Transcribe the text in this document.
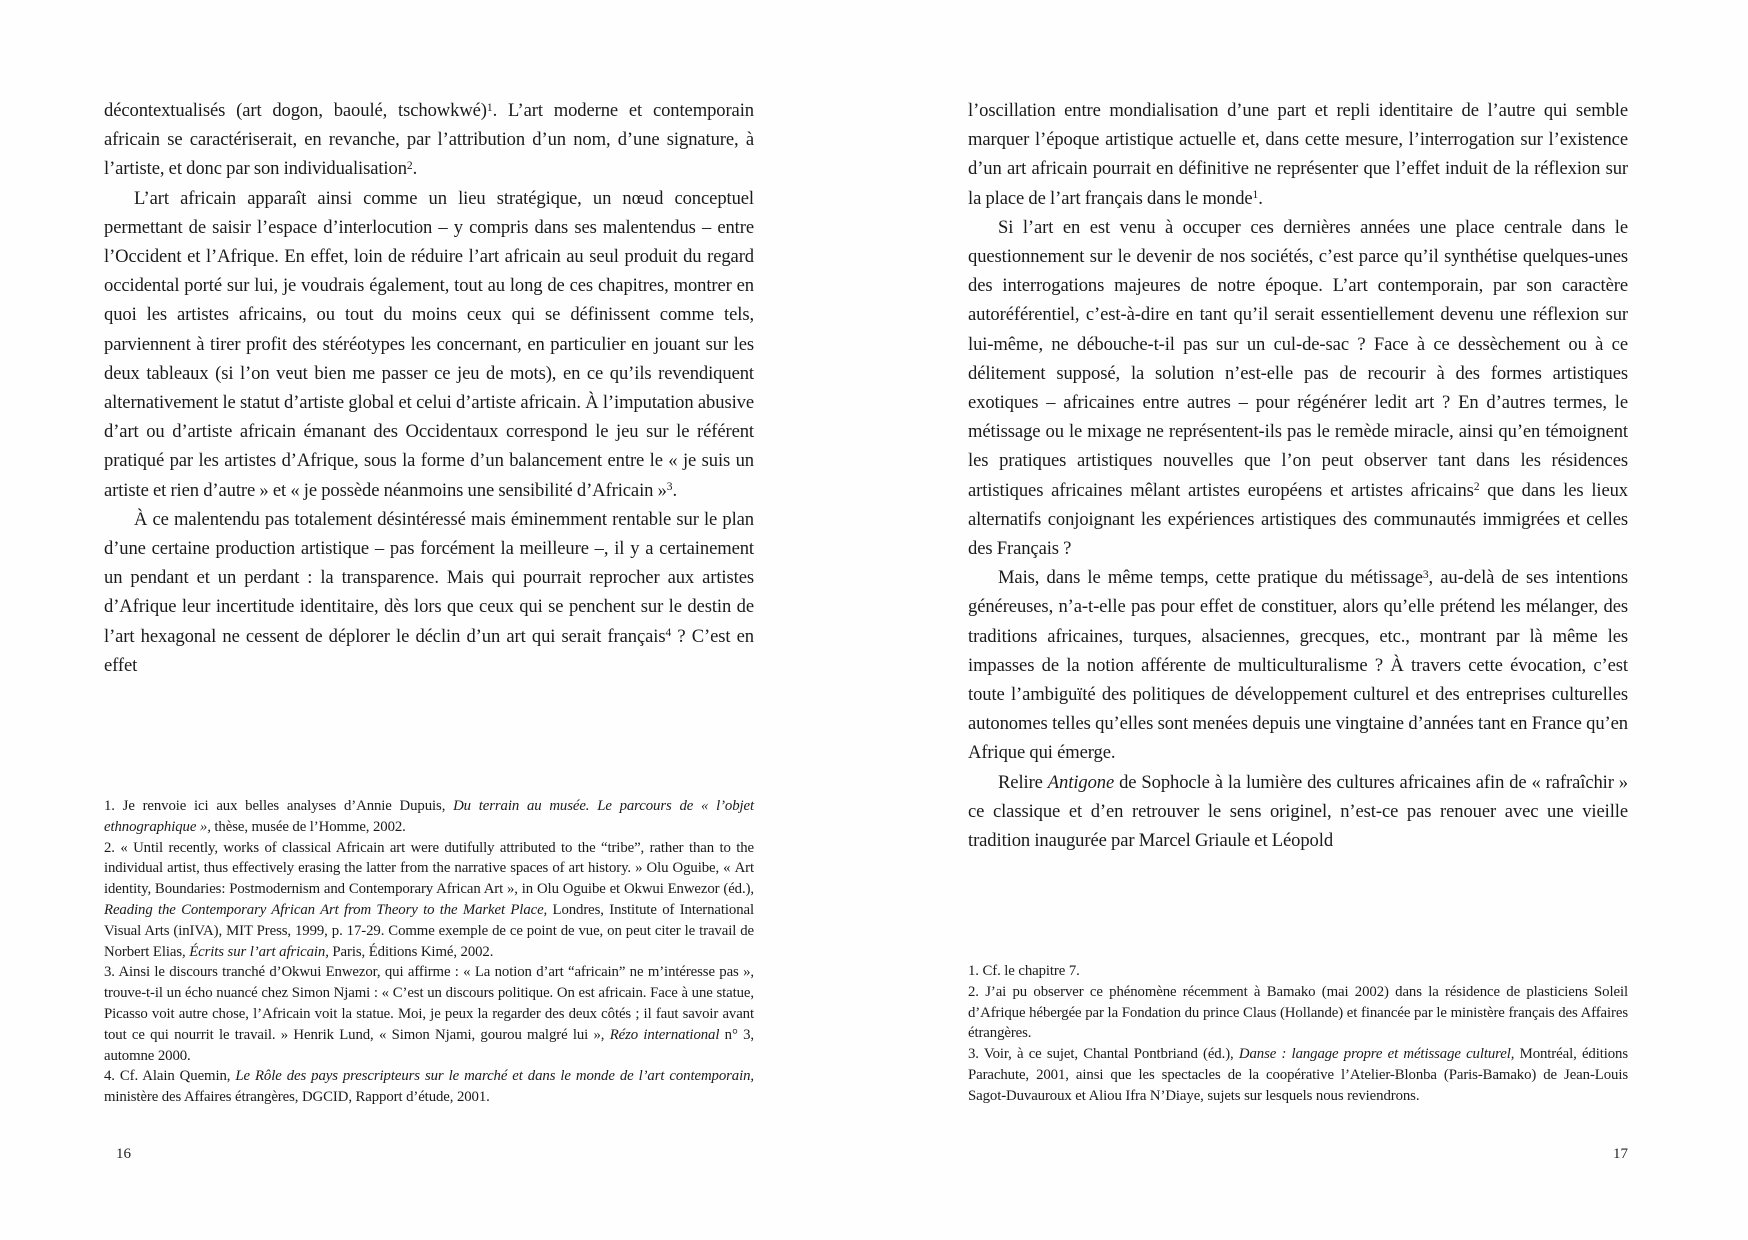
décontextualisés (art dogon, baoulé, tschowkwé)$^1$. L’art moderne et contemporain africain se caractériserait, en revanche, par l’attribution d’un nom, d’une signature, à l’artiste, et donc par son individualisation$^2$.

L’art africain apparaît ainsi comme un lieu stratégique, un nœud conceptuel permettant de saisir l’espace d’interlocution – y compris dans ses malentendus – entre l’Occident et l’Afrique. En effet, loin de réduire l’art africain au seul produit du regard occidental porté sur lui, je voudrais également, tout au long de ces chapitres, montrer en quoi les artistes africains, ou tout du moins ceux qui se définissent comme tels, parviennent à tirer profit des stéréotypes les concernant, en particulier en jouant sur les deux tableaux (si l’on veut bien me passer ce jeu de mots), en ce qu’ils revendiquent alternativement le statut d’artiste global et celui d’artiste africain. À l’imputation abusive d’art ou d’artiste africain émanant des Occidentaux correspond le jeu sur le référent pratiqué par les artistes d’Afrique, sous la forme d’un balancement entre le « je suis un artiste et rien d’autre » et « je possède néanmoins une sensibilité d’Africain »$^3$.

À ce malentendu pas totalement désintéressé mais éminemment rentable sur le plan d’une certaine production artistique – pas forcément la meilleure –, il y a certainement un pendant et un perdant : la transparence. Mais qui pourrait reprocher aux artistes d’Afrique leur incertitude identitaire, dès lors que ceux qui se penchent sur le destin de l’art hexagonal ne cessent de déplorer le déclin d’un art qui serait français$^4$ ? C’est en effet

1. Je renvoie ici aux belles analyses d’Annie Dupuis, Du terrain au musée. Le parcours de « l’objet ethnographique », thèse, musée de l’Homme, 2002.

2. « Until recently, works of classical Africain art were dutifully attributed to the “tribe”, rather than to the individual artist, thus effectively erasing the latter from the narrative spaces of art history. » Olu Oguibe, « Art identity, Boundaries: Postmodernism and Contemporary African Art », in Olu Oguibe et Okwui Enwezor (éd.), Reading the Contemporary African Art from Theory to the Market Place, Londres, Institute of International Visual Arts (inIVA), MIT Press, 1999, p. 17-29. Comme exemple de ce point de vue, on peut citer le travail de Norbert Elias, Écrits sur l’art africain, Paris, Éditions Kimé, 2002.

3. Ainsi le discours tranché d’Okwui Enwezor, qui affirme : « La notion d’art “africain” ne m’intéresse pas », trouve-t-il un écho nuancé chez Simon Njami : « C’est un discours politique. On est africain. Face à une statue, Picasso voit autre chose, l’Africain voit la statue. Moi, je peux la regarder des deux côtés ; il faut savoir avant tout ce qui nourrit le travail. » Henrik Lund, « Simon Njami, gourou malgré lui », Rézo international n° 3, automne 2000.

4. Cf. Alain Quemin, Le Rôle des pays prescripteurs sur le marché et dans le monde de l’art contemporain, ministère des Affaires étrangères, DGCID, Rapport d’étude, 2001.

16

l’oscillation entre mondialisation d’une part et repli identitaire de l’autre qui semble marquer l’époque artistique actuelle et, dans cette mesure, l’interrogation sur l’existence d’un art africain pourrait en définitive ne représenter que l’effet induit de la réflexion sur la place de l’art français dans le monde$^1$.

Si l’art en est venu à occuper ces dernières années une place centrale dans le questionnement sur le devenir de nos sociétés, c’est parce qu’il synthétise quelques-unes des interrogations majeures de notre époque. L’art contemporain, par son caractère autoréférentiel, c’est-à-dire en tant qu’il serait essentiellement devenu une réflexion sur lui-même, ne débouche-t-il pas sur un cul-de-sac ? Face à ce dessèchement ou à ce délitement supposé, la solution n’est-elle pas de recourir à des formes artistiques exotiques – africaines entre autres – pour régénérer ledit art ? En d’autres termes, le métissage ou le mixage ne représentent-ils pas le remède miracle, ainsi qu’en témoignent les pratiques artistiques nouvelles que l’on peut observer tant dans les résidences artistiques africaines mêlant artistes européens et artistes africains$^2$ que dans les lieux alternatifs conjoignant les expériences artistiques des communautés immigrées et celles des Français ?

Mais, dans le même temps, cette pratique du métissage$^3$, au-delà de ses intentions généreuses, n’a-t-elle pas pour effet de constituer, alors qu’elle prétend les mélanger, des traditions africaines, turques, alsaciennes, grecques, etc., montrant par là même les impasses de la notion afférente de multiculturalisme ? À travers cette évocation, c’est toute l’ambiguïté des politiques de développement culturel et des entreprises culturelles autonomes telles qu’elles sont menées depuis une vingtaine d’années tant en France qu’en Afrique qui émerge.

Relire Antigone de Sophocle à la lumière des cultures africaines afin de « rafraîchir » ce classique et d’en retrouver le sens originel, n’est-ce pas renouer avec une vieille tradition inaugurée par Marcel Griaule et Léopold

1. Cf. le chapitre 7.

2. J’ai pu observer ce phénomène récemment à Bamako (mai 2002) dans la résidence de plasticiens Soleil d’Afrique hébergée par la Fondation du prince Claus (Hollande) et financée par le ministère français des Affaires étrangères.

3. Voir, à ce sujet, Chantal Pontbriand (éd.), Danse : langage propre et métissage culturel, Montréal, éditions Parachute, 2001, ainsi que les spectacles de la coopérative l’Atelier-Blonba (Paris-Bamako) de Jean-Louis Sagot-Duvauroux et Aliou Ifra N’Diaye, sujets sur lesquels nous reviendrons.

17
